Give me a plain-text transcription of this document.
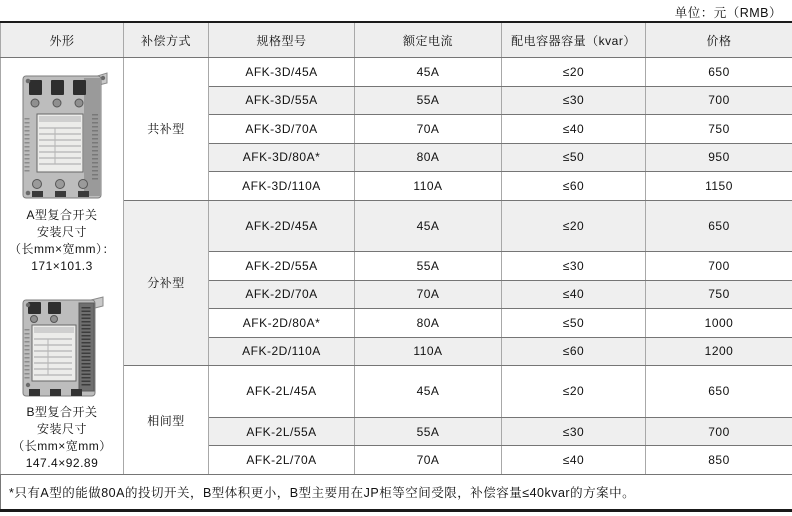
单位：元（RMB）
外形	补偿方式	规格型号	额定电流	配电容器容量（kvar）	价格

A型复合开关
安装尺寸
（长mm×宽mm）：
171×101.3
B型复合开关
安装尺寸
（长mm×宽mm）
147.4×92.89
	共补型	AFK-3D/45A	45A	≤20	650
		AFK-3D/55A	55A	≤30	700
		AFK-3D/70A	70A	≤40	750
		AFK-3D/80A*	80A	≤50	950
		AFK-3D/110A	110A	≤60	1150
	分补型	AFK-2D/45A	45A	≤20	650
		AFK-2D/55A	55A	≤30	700
		AFK-2D/70A	70A	≤40	750
		AFK-2D/80A*	80A	≤50	1000
		AFK-2D/110A	110A	≤60	1200
	相间型	AFK-2L/45A	45A	≤20	650
		AFK-2L/55A	55A	≤30	700
		AFK-2L/70A	70A	≤40	850
*只有A型的能做80A的投切开关，B型体积更小，B型主要用在JP柜等空间受限，补偿容量≤40kvar的方案中。					
